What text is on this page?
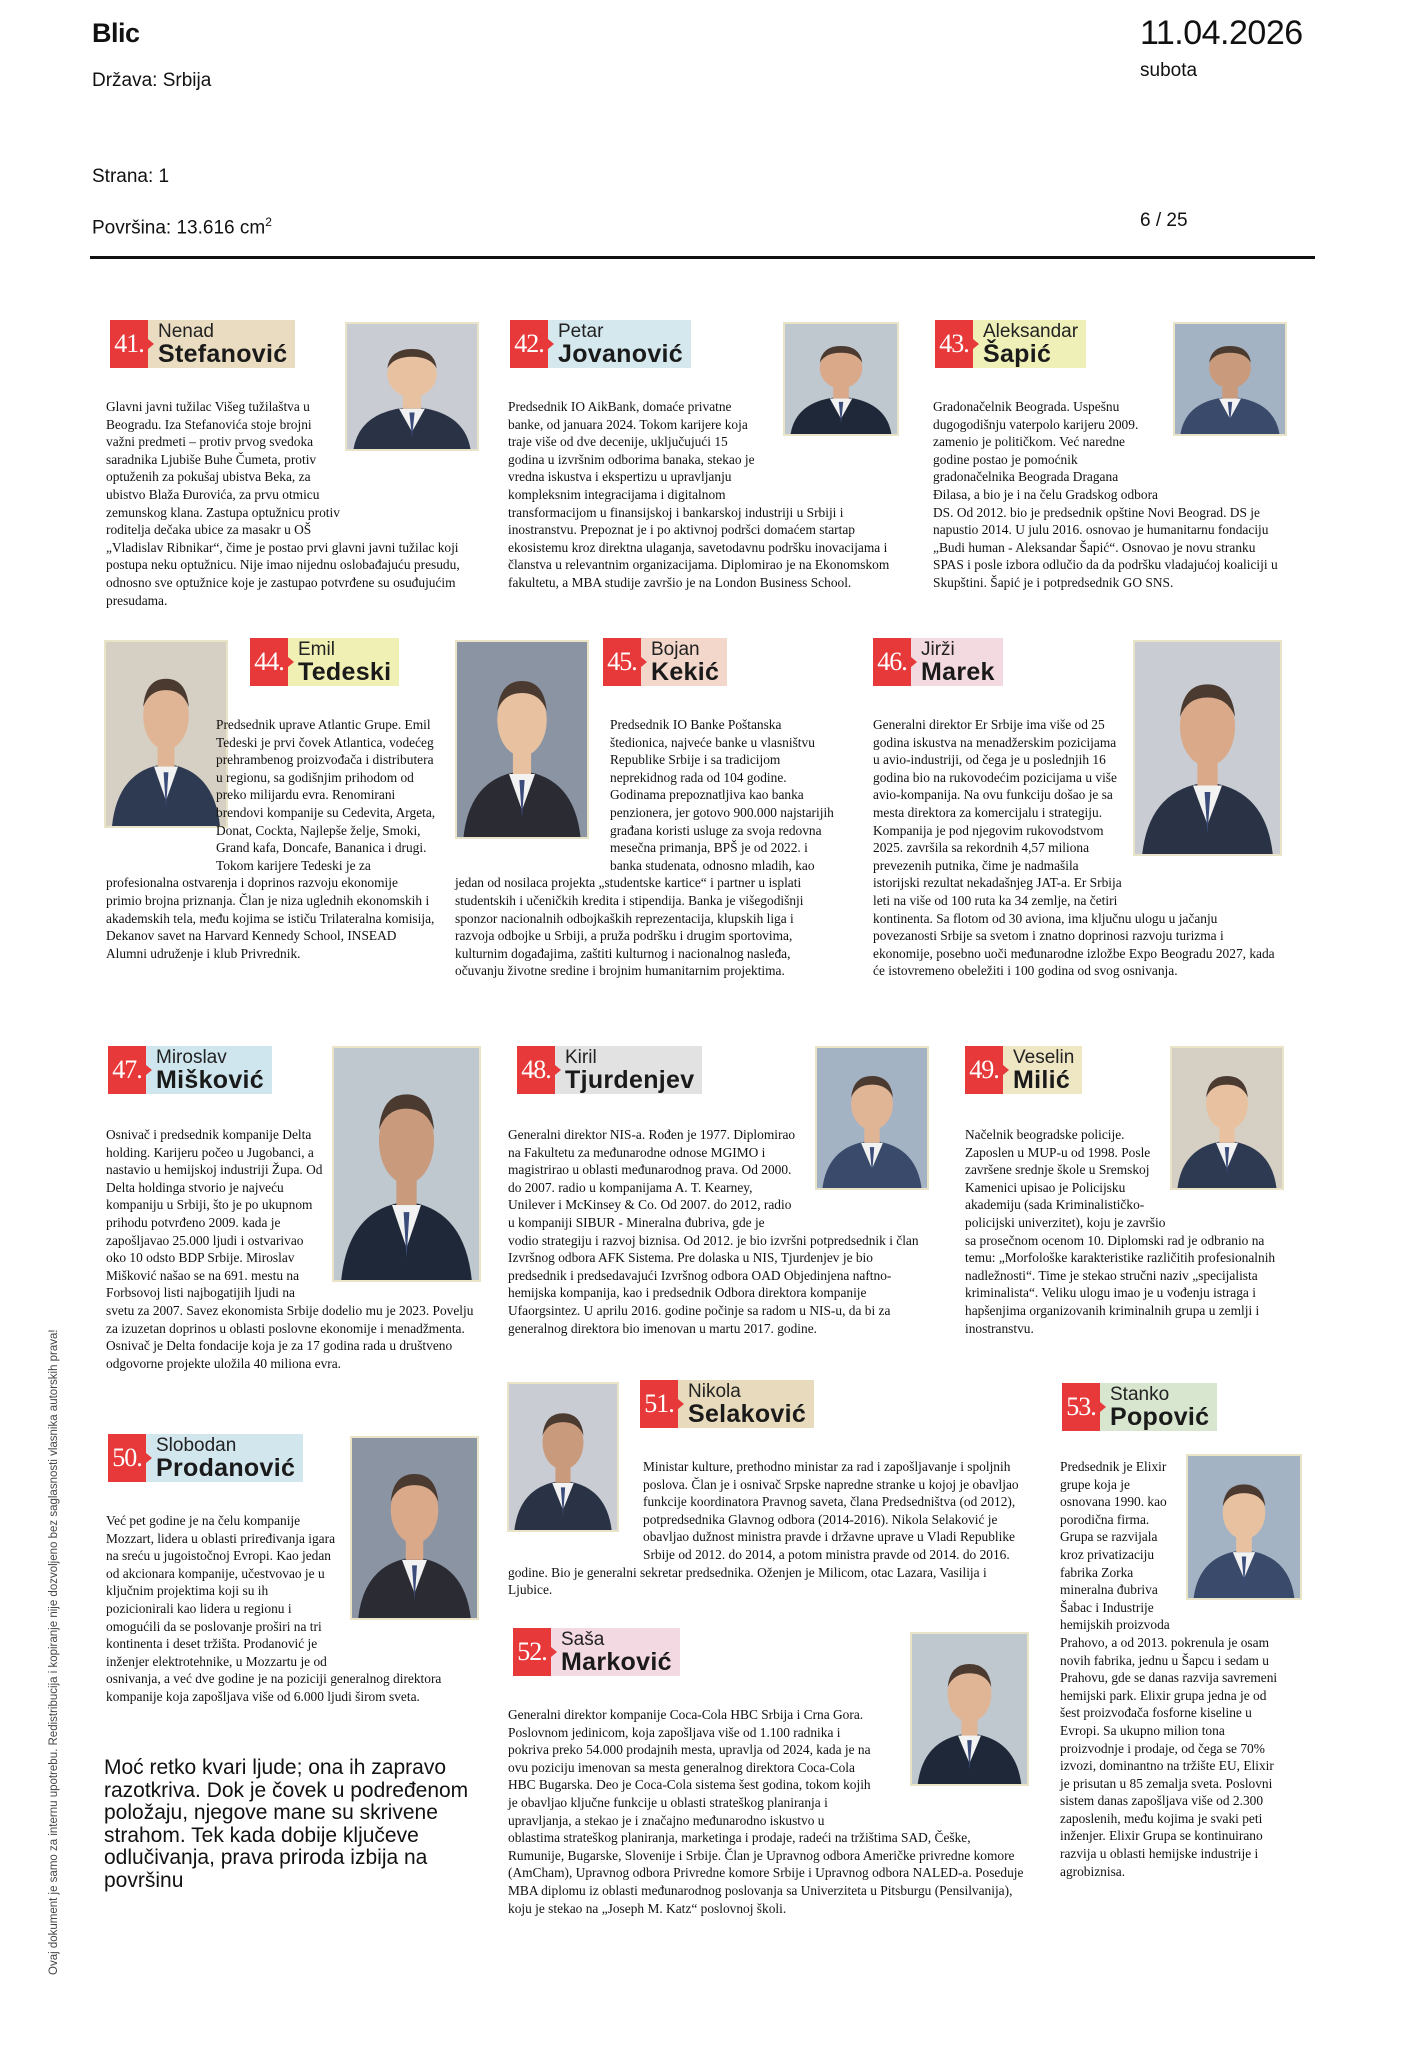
Blic
Država: Srbija
11.04.2026
subota
Strana: 1
Površina: 13.616 $cm^2$	6 / 25
Ovaj dokument je samo za internu upotrebu. Redistribucija i kopiranje nije dozvoljeno bez saglasnosti vlasnika autorskih prava!
41. Nenad
Stefanović
Glavni javni tužilac Višeg tužilaštva u Beogradu. Iza Stefanovića stoje brojni važni predmeti – protiv prvog svedoka saradnika Ljubiše Buhe Čumeta, protiv optuženih za pokušaj ubistva Beka, za ubistvo Blaža Đurovića, za prvu otmicu zemunskog klana. Zastupa optužnicu protiv roditelja dečaka ubice za masakr u OŠ „Vladislav Ribnikar“, čime je postao prvi glavni javni tužilac koji postupa neku optužnicu. Nije imao nijednu oslobađajuću presudu, odnosno sve optužnice koje je zastupao potvrđene su osuđujućim presudama.
42. Petar
Jovanović
Predsednik IO AikBank, domaće privatne banke, od januara 2024. Tokom karijere koja traje više od dve decenije, uključujući 15 godina u izvršnim odborima banaka, stekao je vredna iskustva i ekspertizu u upravljanju kompleksnim integracijama i digitalnom transformacijom u finansijskoj i bankarskoj industriji u Srbiji i inostranstvu. Prepoznat je i po aktivnoj podršci domaćem startap ekosistemu kroz direktna ulaganja, savetodavnu podršku inovacijama i članstva u relevantnim organizacijama. Diplomirao je na Ekonomskom fakultetu, a MBA studije završio je na London Business School.
43. Aleksandar
Šapić
Gradonačelnik Beograda. Uspešnu dugogodišnju vaterpolo karijeru 2009. zamenio je političkom. Već naredne godine postao je pomoćnik gradonačelnika Beograda Dragana Đilasa, a bio je i na čelu Gradskog odbora DS. Od 2012. bio je predsednik opštine Novi Beograd. DS je napustio 2014. U julu 2016. osnovao je humanitarnu fondaciju „Budi human - Aleksandar Šapić“. Osnovao je novu stranku SPAS i posle izbora odlučio da da podršku vladajućoj koaliciji u Skupštini. Šapić je i potpredsednik GO SNS.
44. Emil
Tedeski
Predsednik uprave Atlantic Grupe. Emil Tedeski je prvi čovek Atlantica, vodećeg prehrambenog proizvođača i distributera u regionu, sa godišnjim prihodom od preko milijardu evra. Renomirani brendovi kompanije su Cedevita, Argeta, Donat, Cockta, Najlepše želje, Smoki, Grand kafa, Doncafe, Bananica i drugi. Tokom karijere Tedeski je za profesionalna ostvarenja i doprinos razvoju ekonomije primio brojna priznanja. Član je niza uglednih ekonomskih i akademskih tela, među kojima se ističu Trilateralna komisija, Dekanov savet na Harvard Kennedy School, INSEAD Alumni udruženje i klub Privrednik.
45. Bojan
Kekić
Predsednik IO Banke Poštanska štedionica, najveće banke u vlasništvu Republike Srbije i sa tradicijom neprekidnog rada od 104 godine. Godinama prepoznatljiva kao banka penzionera, jer gotovo 900.000 najstarijih građana koristi usluge za svoja redovna mesečna primanja, BPŠ je od 2022. i banka studenata, odnosno mladih, kao jedan od nosilaca projekta „studentske kartice“ i partner u isplati studentskih i učeničkih kredita i stipendija. Banka je višegodišnji sponzor nacionalnih odbojkaških reprezentacija, klupskih liga i razvoja odbojke u Srbiji, a pruža podršku i drugim sportovima, kulturnim događajima, zaštiti kulturnog i nacionalnog nasleđa, očuvanju životne sredine i brojnim humanitarnim projektima.
46. Jirži
Marek
Generalni direktor Er Srbije ima više od 25 godina iskustva na menadžerskim pozicijama u avio-industriji, od čega je u poslednjih 16 godina bio na rukovodećim pozicijama u više avio-kompanija. Na ovu funkciju došao je sa mesta direktora za komercijalu i strategiju. Kompanija je pod njegovim rukovodstvom 2025. završila sa rekordnih 4,57 miliona prevezenih putnika, čime je nadmašila istorijski rezultat nekadašnjeg JAT-a. Er Srbija leti na više od 100 ruta ka 34 zemlje, na četiri kontinenta. Sa flotom od 30 aviona, ima ključnu ulogu u jačanju povezanosti Srbije sa svetom i znatno doprinosi razvoju turizma i ekonomije, posebno uoči međunarodne izložbe Expo Beogradu 2027, kada će istovremeno obeležiti i 100 godina od svog osnivanja.
47. Miroslav
Mišković
Osnivač i predsednik kompanije Delta holding. Karijeru počeo u Jugobanci, a nastavio u hemijskoj industriji Župa. Od Delta holdinga stvorio je najveću kompaniju u Srbiji, što je po ukupnom prihodu potvrđeno 2009. kada je zapošljavao 25.000 ljudi i ostvarivao oko 10 odsto BDP Srbije. Miroslav Mišković našao se na 691. mestu na Forbsovoj listi najbogatijih ljudi na svetu za 2007. Savez ekonomista Srbije dodelio mu je 2023. Povelju za izuzetan doprinos u oblasti poslovne ekonomije i menadžmenta. Osnivač je Delta fondacije koja je za 17 godina rada u društveno odgovorne projekte uložila 40 miliona evra.
48. Kiril
Tjurdenjev
Generalni direktor NIS-a. Rođen je 1977. Diplomirao na Fakultetu za međunarodne odnose MGIMO i magistrirao u oblasti međunarodnog prava. Od 2000. do 2007. radio u kompanijama A. T. Kearney, Unilever i McKinsey & Co. Od 2007. do 2012, radio u kompaniji SIBUR - Mineralna đubriva, gde je vodio strategiju i razvoj biznisa. Od 2012. je bio izvršni potpredsednik i član Izvršnog odbora AFK Sistema. Pre dolaska u NIS, Tjurdenjev je bio predsednik i predsedavajući Izvršnog odbora OAD Objedinjena naftno-hemijska kompanija, kao i predsednik Odbora direktora kompanije Ufaorgsintez. U aprilu 2016. godine počinje sa radom u NIS-u, da bi za generalnog direktora bio imenovan u martu 2017. godine.
49. Veselin
Milić
Načelnik beogradske policije. Zaposlen u MUP-u od 1998. Posle završene srednje škole u Sremskoj Kamenici upisao je Policijsku akademiju (sada Kriminalističko-policijski univerzitet), koju je završio sa prosečnom ocenom 10. Diplomski rad je odbranio na temu: „Morfološke karakteristike različitih profesionalnih nadležnosti“. Time je stekao stručni naziv „specijalista kriminalista“. Veliku ulogu imao je u vođenju istraga i hapšenjima organizovanih kriminalnih grupa u zemlji i inostranstvu.
50. Slobodan
Prodanović
Već pet godine je na čelu kompanije Mozzart, lidera u oblasti priređivanja igara na sreću u jugoistočnoj Evropi. Kao jedan od akcionara kompanije, učestvovao je u ključnim projektima koji su ih pozicionirali kao lidera u regionu i omogućili da se poslovanje proširi na tri kontinenta i deset tržišta. Prodanović je inženjer elektrotehnike, u Mozzartu je od osnivanja, a već dve godine je na poziciji generalnog direktora kompanije koja zapošljava više od 6.000 ljudi širom sveta.
51. Nikola
Selaković
Ministar kulture, prethodno ministar za rad i zapošljavanje i spoljnih poslova. Član je i osnivač Srpske napredne stranke u kojoj je obavljao funkcije koordinatora Pravnog saveta, člana Predsedništva (od 2012), potpredsednika Glavnog odbora (2014-2016). Nikola Selaković je obavljao dužnost ministra pravde i državne uprave u Vladi Republike Srbije od 2012. do 2014, a potom ministra pravde od 2014. do 2016. godine. Bio je generalni sekretar predsednika. Oženjen je Milicom, otac Lazara, Vasilija i Ljubice.
52. Saša
Marković
Generalni direktor kompanije Coca-Cola HBC Srbija i Crna Gora. Poslovnom jedinicom, koja zapošljava više od 1.100 radnika i pokriva preko 54.000 prodajnih mesta, upravlja od 2024, kada je na ovu poziciju imenovan sa mesta generalnog direktora Coca-Cola HBC Bugarska. Deo je Coca-Cola sistema šest godina, tokom kojih je obavljao ključne funkcije u oblasti strateškog planiranja i upravljanja, a stekao je i značajno međunarodno iskustvo u oblastima strateškog planiranja, marketinga i prodaje, radeći na tržištima SAD, Češke, Rumunije, Bugarske, Slovenije i Srbije. Član je Upravnog odbora Američke privredne komore (AmCham), Upravnog odbora Privredne komore Srbije i Upravnog odbora NALED-a. Poseduje MBA diplomu iz oblasti međunarodnog poslovanja sa Univerziteta u Pitsburgu (Pensilvanija), koju je stekao na „Joseph M. Katz“ poslovnoj školi.
53. Stanko
Popović
Predsednik je Elixir grupe koja je osnovana 1990. kao porodična firma. Grupa se razvijala kroz privatizaciju fabrika Zorka mineralna đubriva Šabac i Industrije hemijskih proizvoda Prahovo, a od 2013. pokrenula je osam novih fabrika, jednu u Šapcu i sedam u Prahovu, gde se danas razvija savremeni hemijski park. Elixir grupa jedna je od šest proizvođača fosforne kiseline u Evropi. Sa ukupno milion tona proizvodnje i prodaje, od čega se 70% izvozi, dominantno na tržište EU, Elixir je prisutan u 85 zemalja sveta. Poslovni sistem danas zapošljava više od 2.300 zaposlenih, među kojima je svaki peti inženjer. Elixir Grupa se kontinuirano razvija u oblasti hemijske industrije i agrobiznisa.
Moć retko kvari ljude; ona ih zapravo razotkriva. Dok je čovek u podređenom položaju, njegove mane su skrivene strahom. Tek kada dobije ključeve odlučivanja, prava priroda izbija na površinu
